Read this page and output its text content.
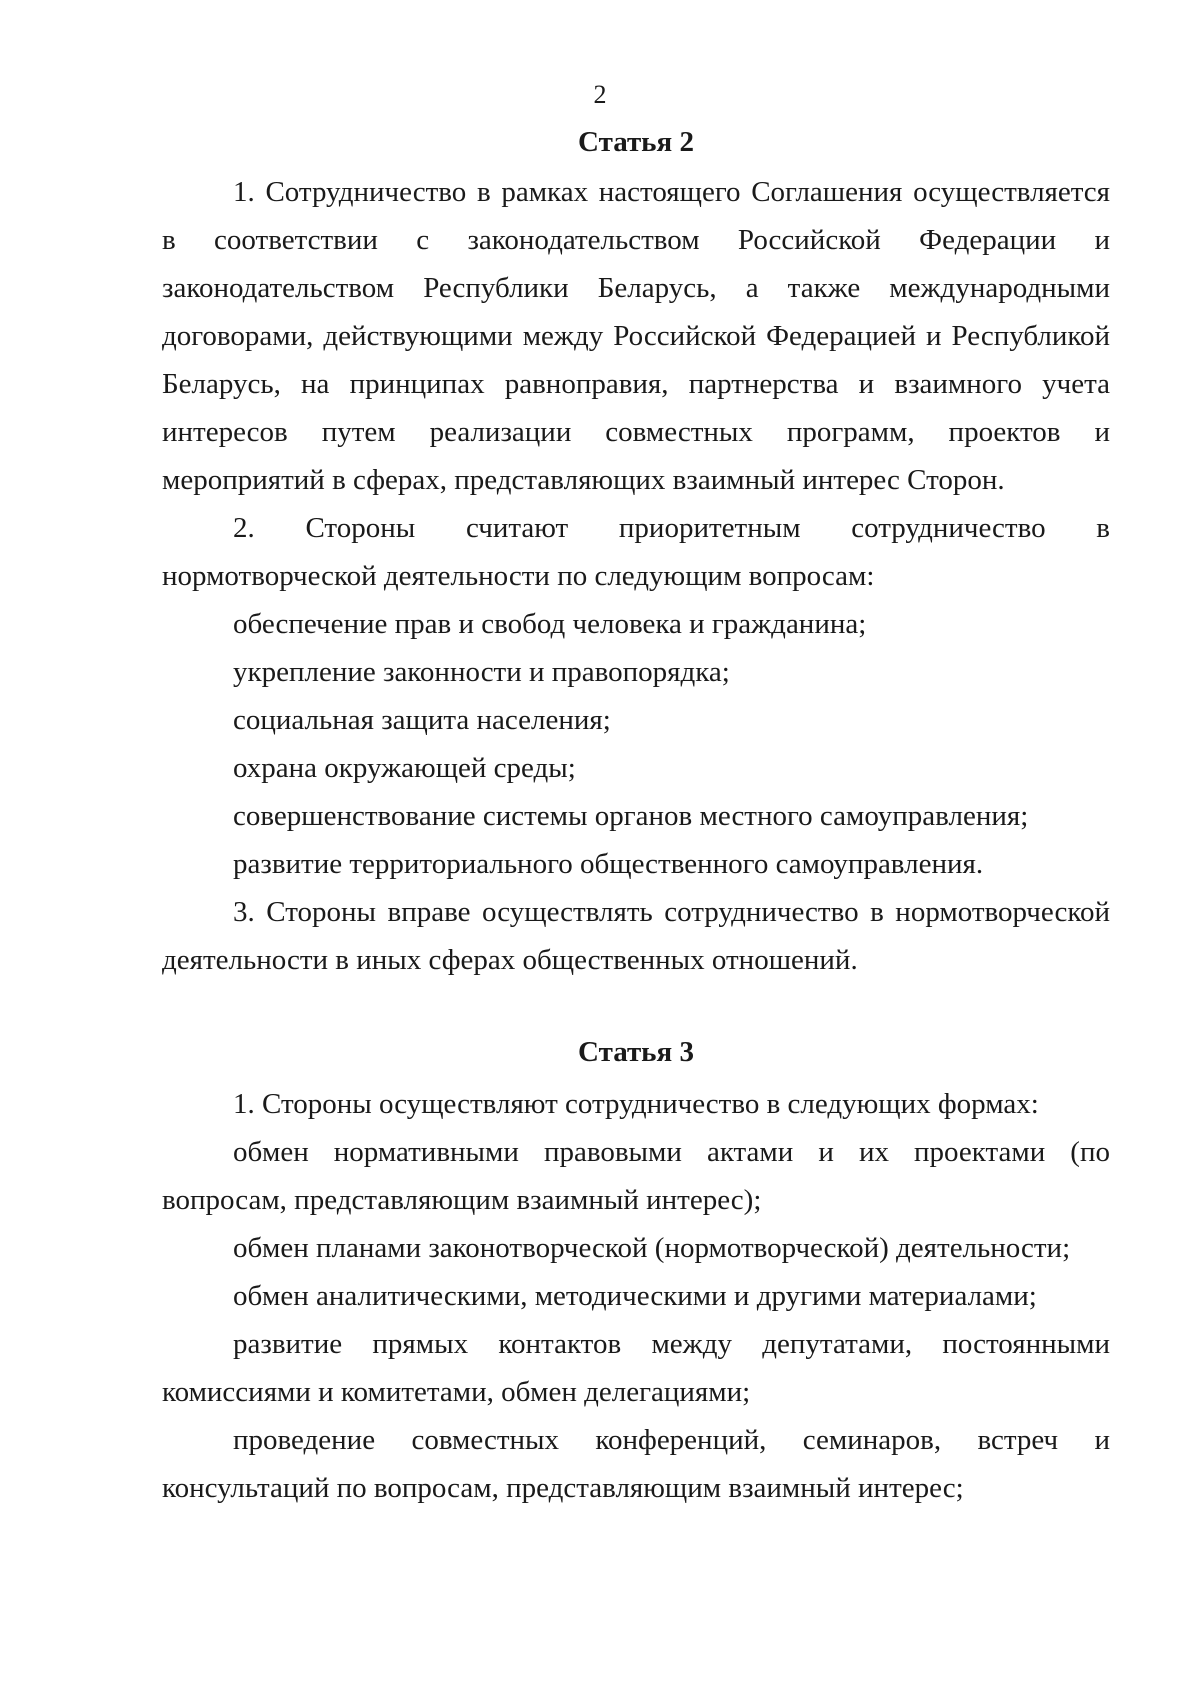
2
Статья 2

1. Сотрудничество в рамках настоящего Соглашения осуществляется в соответствии с законодательством Российской Федерации и законодательством Республики Беларусь, а также международными договорами, действующими между Российской Федерацией и Республикой Беларусь, на принципах равноправия, партнерства и взаимного учета интересов путем реализации совместных программ, проектов и мероприятий в сферах, представляющих взаимный интерес Сторон.

2. Стороны считают приоритетным сотрудничество в нормотворческой деятельности по следующим вопросам:

обеспечение прав и свобод человека и гражданина;

укрепление законности и правопорядка;

социальная защита населения;

охрана окружающей среды;

совершенствование системы органов местного самоуправления;

развитие территориального общественного самоуправления.

3. Стороны вправе осуществлять сотрудничество в нормотворческой деятельности в иных сферах общественных отношений.

Статья 3

1. Стороны осуществляют сотрудничество в следующих формах:

обмен нормативными правовыми актами и их проектами (по вопросам, представляющим взаимный интерес);

обмен планами законотворческой (нормотворческой) деятельности;

обмен аналитическими, методическими и другими материалами;

развитие прямых контактов между депутатами, постоянными комиссиями и комитетами, обмен делегациями;

проведение совместных конференций, семинаров, встреч и консультаций по вопросам, представляющим взаимный интерес;
